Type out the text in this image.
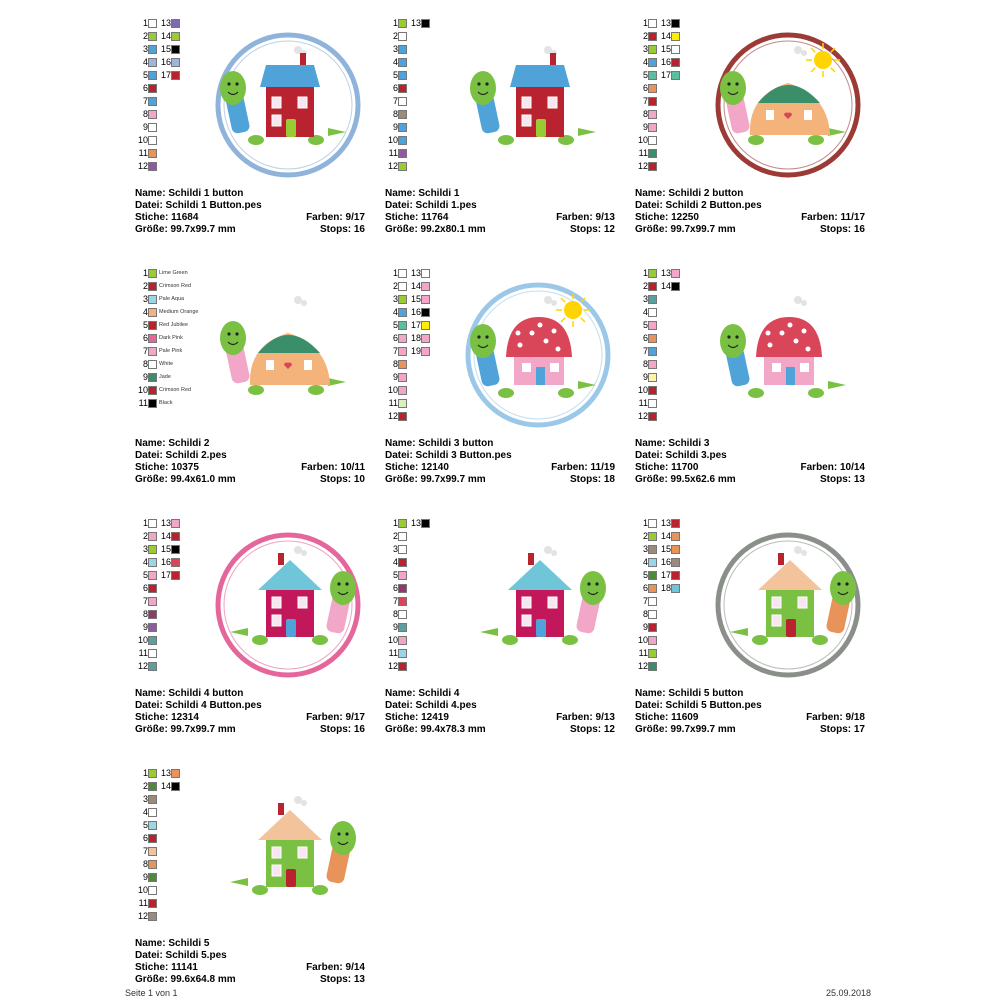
1
2
3
4
5
6
7
8
9
10
11
12
13
14
15
16
17
Name: Schildi 1 button
Datei: Schildi 1 Button.pes
Stiche: 11684	Farben: 9/17
Größe: 99.7x99.7 mm	Stops: 16
1
2
3
4
5
6
7
8
9
10
11
12
13
Name: Schildi 1
Datei: Schildi 1.pes
Stiche: 11764	Farben: 9/13
Größe: 99.2x80.1 mm	Stops: 12
1
2
3
4
5
6
7
8
9
10
11
12
13
14
15
16
17
Name: Schildi 2 button
Datei: Schildi 2 Button.pes
Stiche: 12250	Farben: 11/17
Größe: 99.7x99.7 mm	Stops: 16
1 Lime Green
2 Crimson Red
3 Pale Aqua
4 Medium Orange
5 Red Jubilee
6 Dark Pink
7 Pale Pink
8 White
9 Jade
10 Crimson Red
11 Black
Name: Schildi 2
Datei: Schildi 2.pes
Stiche: 10375	Farben: 10/11
Größe: 99.4x61.0 mm	Stops: 10
1
2
3
4
5
6
7
8
9
10
11
12
13
14
15
16
17
18
19
Name: Schildi 3 button
Datei: Schildi 3 Button.pes
Stiche: 12140	Farben: 11/19
Größe: 99.7x99.7 mm	Stops: 18
1
2
3
4
5
6
7
8
9
10
11
12
13
14
Name: Schildi 3
Datei: Schildi 3.pes
Stiche: 11700	Farben: 10/14
Größe: 99.5x62.6 mm	Stops: 13
1
2
3
4
5
6
7
8
9
10
11
12
13
14
15
16
17
Name: Schildi 4 button
Datei: Schildi 4 Button.pes
Stiche: 12314	Farben: 9/17
Größe: 99.7x99.7 mm	Stops: 16
1
2
3
4
5
6
7
8
9
10
11
12
13
Name: Schildi 4
Datei: Schildi 4.pes
Stiche: 12419	Farben: 9/13
Größe: 99.4x78.3 mm	Stops: 12
1
2
3
4
5
6
7
8
9
10
11
12
13
14
15
16
17
18
Name: Schildi 5 button
Datei: Schildi 5 Button.pes
Stiche: 11609	Farben: 9/18
Größe: 99.7x99.7 mm	Stops: 17
1
2
3
4
5
6
7
8
9
10
11
12
13
14
Name: Schildi 5
Datei: Schildi 5.pes
Stiche: 11141	Farben: 9/14
Größe: 99.6x64.8 mm	Stops: 13
Seite 1 von 1	25.09.2018
